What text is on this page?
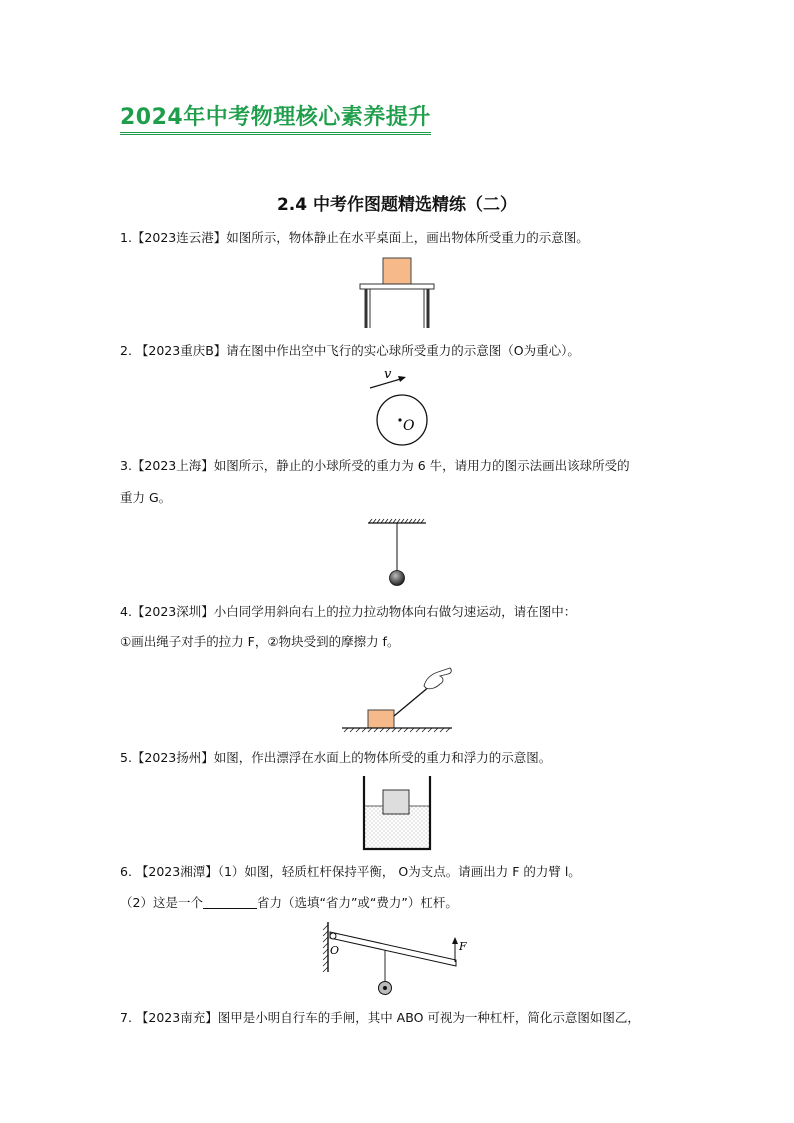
2024年中考物理核心素养提升
2.4 中考作图题精选精练（二）
1.【2023连云港】如图所示，物体静止在水平桌面上，画出物体所受重力的示意图。
2. 【2023重庆B】请在图中作出空中飞行的实心球所受重力的示意图（O为重心）。
v
O
3.【2023上海】如图所示，静止的小球所受的重力为 6 牛，请用力的图示法画出该球所受的
重力 G。
4.【2023深圳】小白同学用斜向右上的拉力拉动物体向右做匀速运动，请在图中：
①画出绳子对手的拉力 F，②物块受到的摩擦力 f。
5.【2023扬州】如图，作出漂浮在水面上的物体所受的重力和浮力的示意图。
6. 【2023湘潭】（1）如图，轻质杠杆保持平衡， O为支点。请画出力 F 的力臂 l。
（2）这是一个	省力（选填“省力”或“费力”）杠杆。
O	F
7. 【2023南充】图甲是小明自行车的手闸，其中 ABO 可视为一种杠杆，简化示意图如图乙，
